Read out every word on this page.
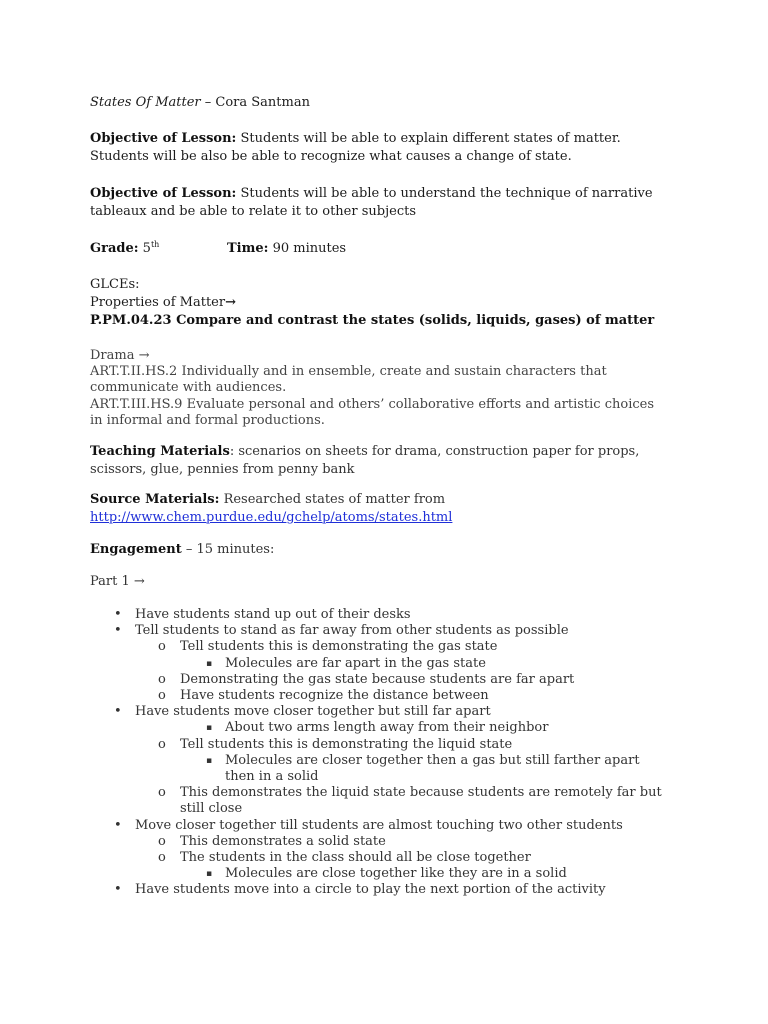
States Of Matter – Cora Santman
Objective of Lesson: Students will be able to explain different states of matter. Students will be also be able to recognize what causes a change of state.
Objective of Lesson: Students will be able to understand the technique of narrative tableaux and be able to relate it to other subjects
Grade: 5th	Time: 90 minutes
GLCEs:
Properties of Matter→
P.PM.04.23 Compare and contrast the states (solids, liquids, gases) of matter
Drama →
ART.T.II.HS.2 Individually and in ensemble, create and sustain characters that communicate with audiences.
ART.T.III.HS.9 Evaluate personal and others’ collaborative efforts and artistic choices in informal and formal productions.
Teaching Materials: scenarios on sheets for drama, construction paper for props, scissors, glue, pennies from penny bank
Source Materials: Researched states of matter from
http://www.chem.purdue.edu/gchelp/atoms/states.html
Engagement – 15 minutes:
Part 1 →
• Have students stand up out of their desks
• Tell students to stand as far away from other students as possible
o Tell students this is demonstrating the gas state
▪ Molecules are far apart in the gas state
o Demonstrating the gas state because students are far apart
o Have students recognize the distance between
• Have students move closer together but still far apart
▪ About two arms length away from their neighbor
o Tell students this is demonstrating the liquid state
▪ Molecules are closer together then a gas but still farther apart then in a solid
o This demonstrates the liquid state because students are remotely far but still close
• Move closer together till students are almost touching two other students
o This demonstrates a solid state
o The students in the class should all be close together
▪ Molecules are close together like they are in a solid
• Have students move into a circle to play the next portion of the activity
